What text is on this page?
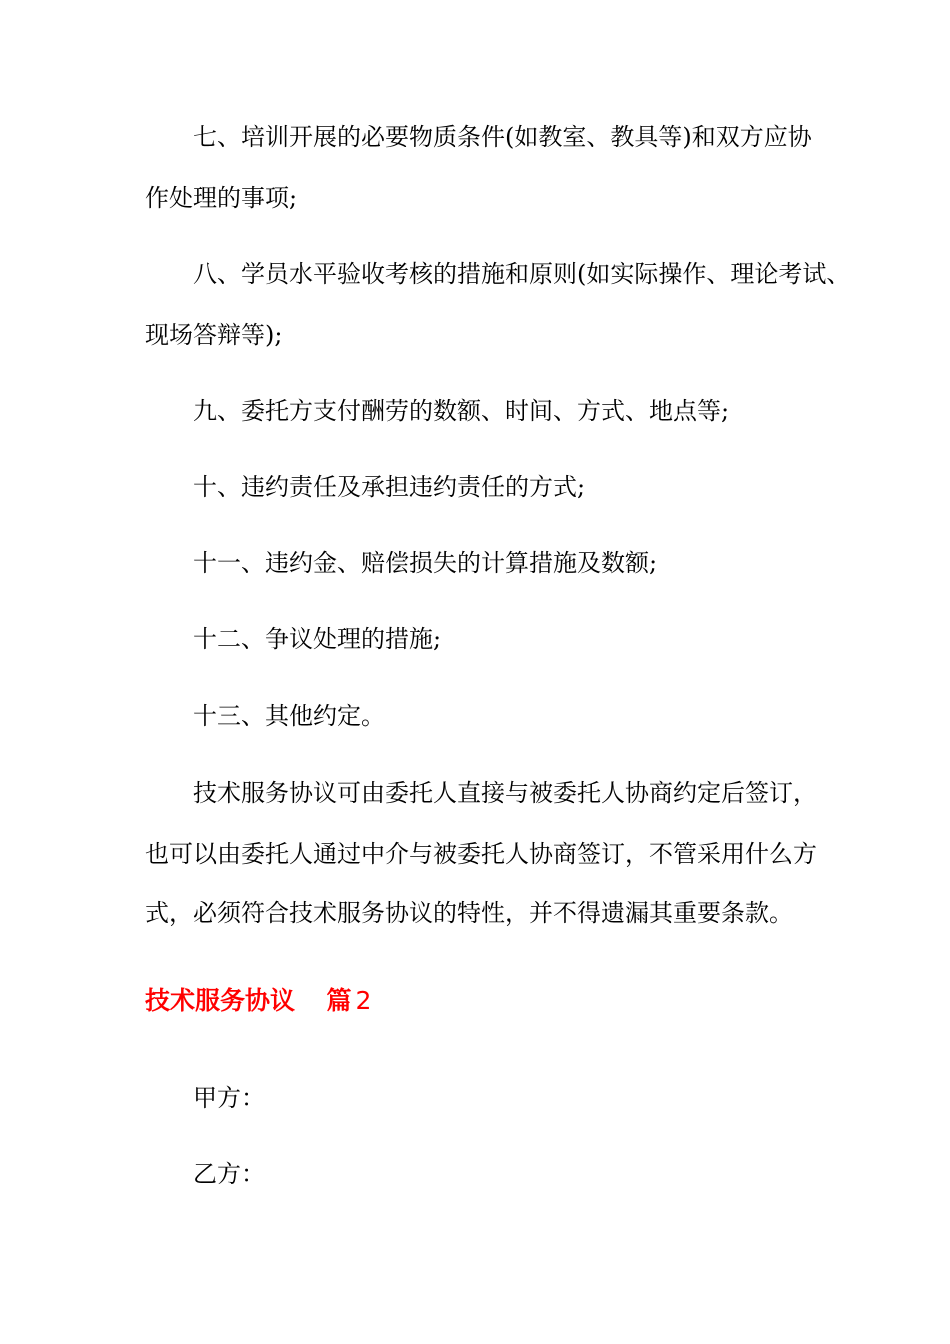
七、培训开展的必要物质条件(如教室、教具等)和双方应协
作处理的事项;
八、学员水平验收考核的措施和原则(如实际操作、理论考试、
现场答辩等);
九、委托方支付酬劳的数额、时间、方式、地点等;
十、违约责任及承担违约责任的方式;
十一、违约金、赔偿损失的计算措施及数额;
十二、争议处理的措施;
十三、其他约定。
技术服务协议可由委托人直接与被委托人协商约定后签订，
也可以由委托人通过中介与被委托人协商签订，不管采用什么方
式，必须符合技术服务协议的特性，并不得遗漏其重要条款。
技术服务协议 篇 2
甲方：
乙方：
